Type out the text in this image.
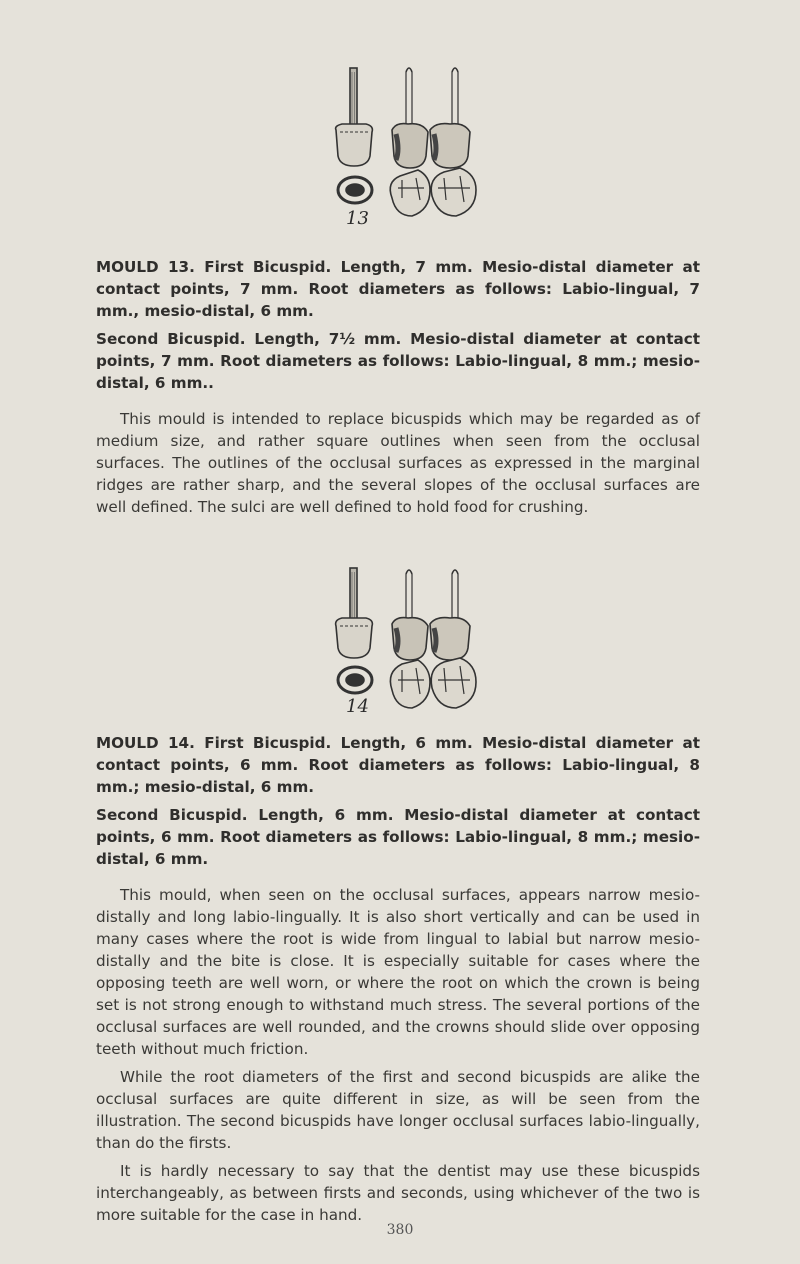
13

MOULD 13. First Bicuspid. Length, 7 mm. Mesio-distal diameter at contact points, 7 mm. Root diameters as follows: Labio-lingual, 7 mm., mesio-distal, 6 mm.

Second Bicuspid. Length, 7½ mm. Mesio-distal diameter at contact points, 7 mm. Root diameters as follows: Labio-lingual, 8 mm.; mesio-distal, 6 mm..

This mould is intended to replace bicuspids which may be regarded as of medium size, and rather square outlines when seen from the occlusal surfaces. The outlines of the occlusal surfaces as expressed in the marginal ridges are rather sharp, and the several slopes of the occlusal surfaces are well defined. The sulci are well defined to hold food for crushing.

14

MOULD 14. First Bicuspid. Length, 6 mm. Mesio-distal diameter at contact points, 6 mm. Root diameters as follows: Labio-lingual, 8 mm.; mesio-distal, 6 mm.

Second Bicuspid. Length, 6 mm. Mesio-distal diameter at contact points, 6 mm. Root diameters as follows: Labio-lingual, 8 mm.; mesio-distal, 6 mm.

This mould, when seen on the occlusal surfaces, appears narrow mesio-distally and long labio-lingually. It is also short vertically and can be used in many cases where the root is wide from lingual to labial but narrow mesio-distally and the bite is close. It is especially suitable for cases where the opposing teeth are well worn, or where the root on which the crown is being set is not strong enough to withstand much stress. The several portions of the occlusal surfaces are well rounded, and the crowns should slide over opposing teeth without much friction.

While the root diameters of the first and second bicuspids are alike the occlusal surfaces are quite different in size, as will be seen from the illustration. The second bicuspids have longer occlusal surfaces labio-lingually, than do the firsts.

It is hardly necessary to say that the dentist may use these bicuspids interchangeably, as between firsts and seconds, using whichever of the two is more suitable for the case in hand.

380
